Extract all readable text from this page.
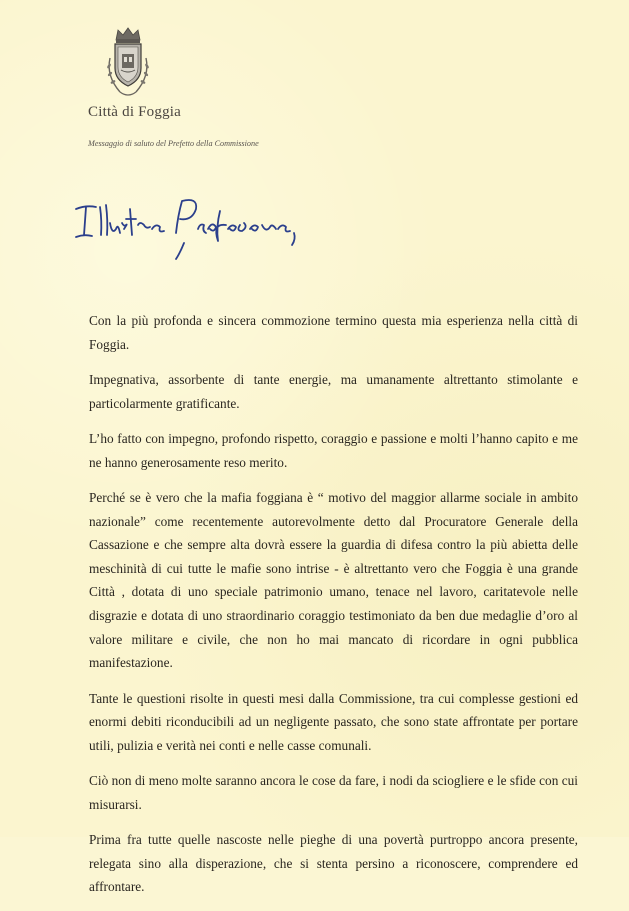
Città di Foggia
Messaggio di saluto del Prefetto della Commissione

Con la più profonda e sincera commozione termino questa mia esperienza nella città di Foggia.

Impegnativa, assorbente di tante energie, ma umanamente altrettanto stimolante e particolarmente gratificante.

L’ho fatto con impegno, profondo rispetto, coraggio e passione e molti l’hanno capito e me ne hanno generosamente reso merito.

Perché se è vero che la mafia foggiana è “ motivo del maggior allarme sociale in ambito nazionale” come recentemente autorevolmente detto dal Procuratore Generale della Cassazione e che sempre alta dovrà essere la guardia di difesa contro la più abietta delle meschinità di cui tutte le mafie sono intrise - è altrettanto vero che Foggia è una grande Città , dotata di uno speciale patrimonio umano, tenace nel lavoro, caritatevole nelle disgrazie e dotata di uno straordinario coraggio testimoniato da ben due medaglie d’oro al valore militare e civile, che non ho mai mancato di ricordare in ogni pubblica manifestazione.

Tante le questioni risolte in questi mesi dalla Commissione, tra cui complesse gestioni ed enormi debiti riconducibili ad un negligente passato, che sono state affrontate per portare utili, pulizia e verità nei conti e nelle casse comunali.

Ciò non di meno molte saranno ancora le cose da fare, i nodi da sciogliere e le sfide con cui misurarsi.

Prima fra tutte quelle nascoste nelle pieghe di una povertà purtroppo ancora presente, relegata sino alla disperazione, che si stenta persino a riconoscere, comprendere ed affrontare.
